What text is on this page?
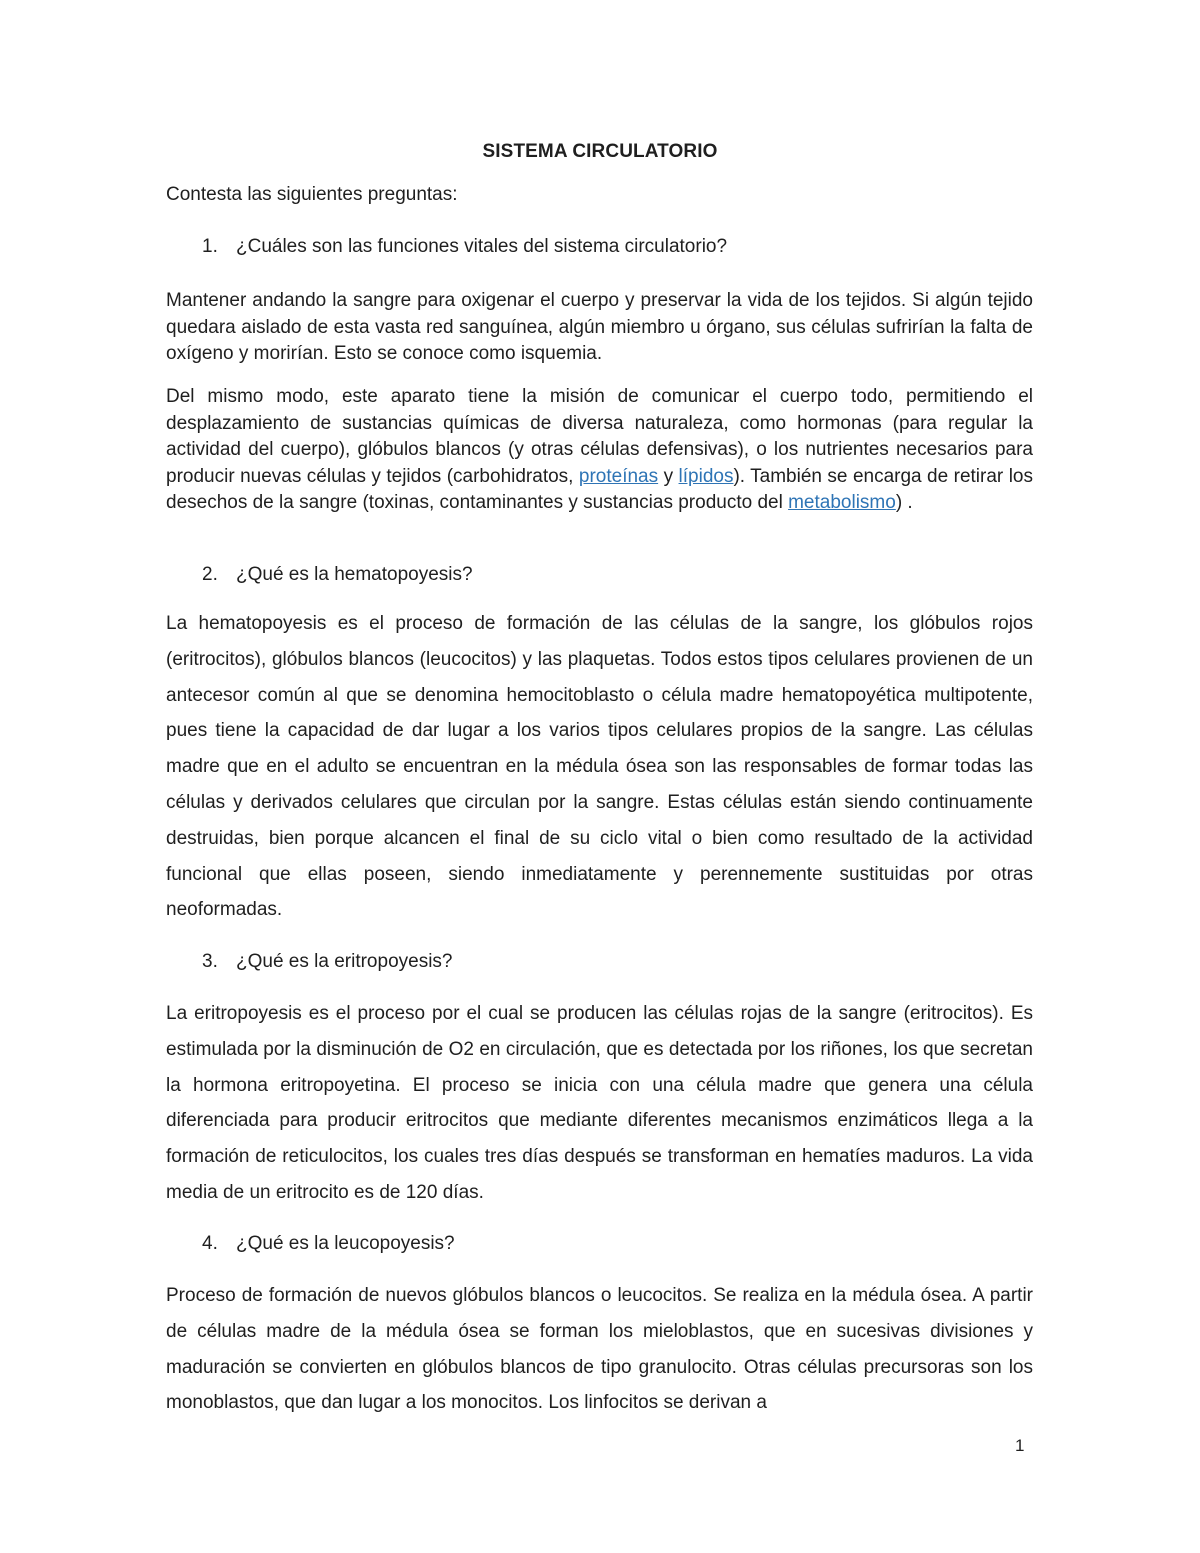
SISTEMA CIRCULATORIO
Contesta las siguientes preguntas:
1. ¿Cuáles son las funciones vitales del sistema circulatorio?

Mantener andando la sangre para oxigenar el cuerpo y preservar la vida de los tejidos. Si algún tejido quedara aislado de esta vasta red sanguínea, algún miembro u órgano, sus células sufrirían la falta de oxígeno y morirían. Esto se conoce como isquemia.

Del mismo modo, este aparato tiene la misión de comunicar el cuerpo todo, permitiendo el desplazamiento de sustancias químicas de diversa naturaleza, como hormonas (para regular la actividad del cuerpo), glóbulos blancos (y otras células defensivas), o los nutrientes necesarios para producir nuevas células y tejidos (carbohidratos, proteínas y lípidos). También se encarga de retirar los desechos de la sangre (toxinas, contaminantes y sustancias producto del metabolismo) .

2. ¿Qué es la hematopoyesis?

La hematopoyesis es el proceso de formación de las células de la sangre, los glóbulos rojos (eritrocitos), glóbulos blancos (leucocitos) y las plaquetas. Todos estos tipos celulares provienen de un antecesor común al que se denomina hemocitoblasto o célula madre hematopoyética multipotente, pues tiene la capacidad de dar lugar a los varios tipos celulares propios de la sangre. Las células madre que en el adulto se encuentran en la médula ósea son las responsables de formar todas las células y derivados celulares que circulan por la sangre. Estas células están siendo continuamente destruidas, bien porque alcancen el final de su ciclo vital o bien como resultado de la actividad funcional que ellas poseen, siendo inmediatamente y perennemente sustituidas por otras neoformadas.

3. ¿Qué es la eritropoyesis?

La eritropoyesis es el proceso por el cual se producen las células rojas de la sangre (eritrocitos). Es estimulada por la disminución de O2 en circulación, que es detectada por los riñones, los que secretan la hormona eritropoyetina. El proceso se inicia con una célula madre que genera una célula diferenciada para producir eritrocitos que mediante diferentes mecanismos enzimáticos llega a la formación de reticulocitos, los cuales tres días después se transforman en hematíes maduros. La vida media de un eritrocito es de 120 días.

4. ¿Qué es la leucopoyesis?

Proceso de formación de nuevos glóbulos blancos o leucocitos. Se realiza en la médula ósea. A partir de células madre de la médula ósea se forman los mieloblastos, que en sucesivas divisiones y maduración se convierten en glóbulos blancos de tipo granulocito. Otras células precursoras son los monoblastos, que dan lugar a los monocitos. Los linfocitos se derivan a

1
